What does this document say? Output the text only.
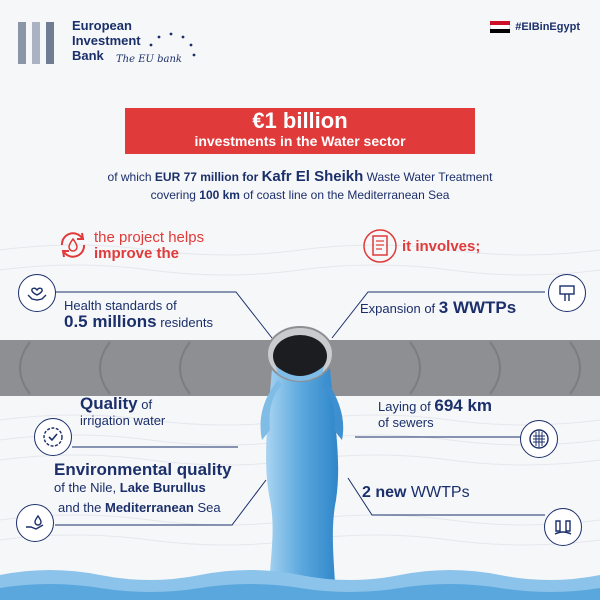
European
Investment
Bank	The EU bank
#EIBinEgypt
€1 billion
investments in the Water sector
of which EUR 77 million for Kafr El Sheikh Waste Water Treatment
covering 100 km of coast line on the Mediterranean Sea
the project helps
improve the	it involves;
Health standards of
0.5 millions residents
Quality of
irrigation water
Environmental quality
of the Nile, Lake Burullus
and the Mediterranean Sea
Expansion of 3 WWTPs
Laying of 694 km
of sewers
2 new WWTPs
